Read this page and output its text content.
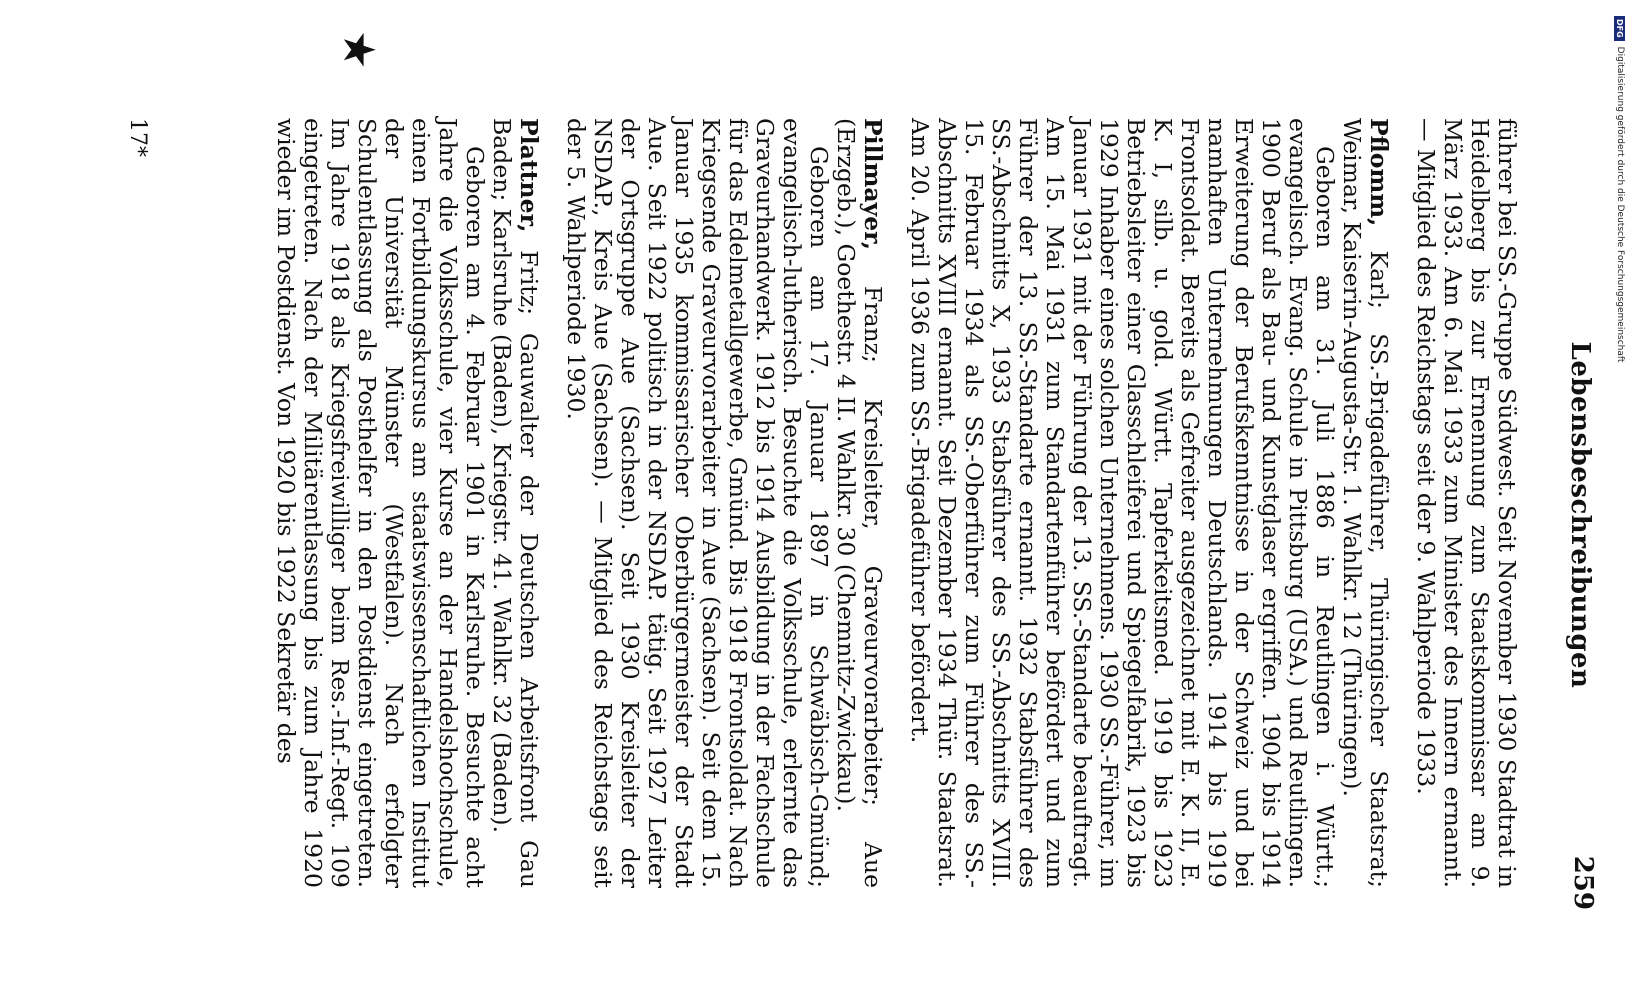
Lebensbeschreibungen
259
★

führer bei SS.-Gruppe Südwest. Seit November 1930 Stadtrat in Heidelberg bis zur Ernennung zum Staatskommissar am 9. März 1933. Am 6. Mai 1933 zum Minister des Innern ernannt. — Mitglied des Reichstags seit der 9. Wahlperiode 1933.

Pflomm, Karl; SS.-Brigadeführer, Thüringischer Staatsrat; Weimar, Kaiserin-Augusta-Str. 1. Wahlkr. 12 (Thüringen).

Geboren am 31. Juli 1886 in Reutlingen i. Württ.; evangelisch. Evang. Schule in Pittsburg (USA.) und Reutlingen. 1900 Beruf als Bau- und Kunstglaser ergriffen. 1904 bis 1914 Erweiterung der Berufskenntnisse in der Schweiz und bei namhaften Unternehmungen Deutschlands. 1914 bis 1919 Frontsoldat. Bereits als Gefreiter ausgezeichnet mit E. K. II, E. K. I, silb. u. gold. Württ. Tapferkeitsmed. 1919 bis 1923 Betriebsleiter einer Glasschleiferei und Spiegelfabrik, 1923 bis 1929 Inhaber eines solchen Unternehmens. 1930 SS.-Führer, im Januar 1931 mit der Führung der 13. SS.-Standarte beauftragt. Am 15. Mai 1931 zum Standartenführer befördert und zum Führer der 13. SS.-Standarte ernannt. 1932 Stabsführer des SS.-Abschnitts X, 1933 Stabsführer des SS.-Abschnitts XVIII. 15. Februar 1934 als SS.-Oberführer zum Führer des SS.-Abschnitts XVIII ernannt. Seit Dezember 1934 Thür. Staatsrat. Am 20. April 1936 zum SS.-Brigadeführer befördert.

Pillmayer, Franz; Kreisleiter, Graveurvorarbeiter; Aue (Erzgeb.), Goethestr. 4 II. Wahlkr. 30 (Chemnitz-Zwickau).

Geboren am 17. Januar 1897 in Schwäbisch-Gmünd; evangelisch-lutherisch. Besuchte die Volksschule, erlernte das Graveurhandwerk. 1912 bis 1914 Ausbildung in der Fachschule für das Edelmetallgewerbe, Gmünd. Bis 1918 Frontsoldat. Nach Kriegsende Graveurvorarbeiter in Aue (Sachsen). Seit dem 15. Januar 1935 kommissarischer Oberbürgermeister der Stadt Aue. Seit 1922 politisch in der NSDAP. tätig. Seit 1927 Leiter der Ortsgruppe Aue (Sachsen). Seit 1930 Kreisleiter der NSDAP., Kreis Aue (Sachsen). — Mitglied des Reichstags seit der 5. Wahlperiode 1930.

Plattner, Fritz; Gauwalter der Deutschen Arbeitsfront Gau Baden; Karlsruhe (Baden), Kriegstr. 41. Wahlkr. 32 (Baden).

Geboren am 4. Februar 1901 in Karlsruhe. Besuchte acht Jahre die Volksschule, vier Kurse an der Handelshochschule, einen Fortbildungskursus am staatswissenschaftlichen Institut der Universität Münster (Westfalen). Nach erfolgter Schulentlassung als Posthelfer in den Postdienst eingetreten. Im Jahre 1918 als Kriegsfreiwilliger beim Res.-Inf.-Regt. 109 eingetreten. Nach der Militärentlassung bis zum Jahre 1920 wieder im Postdienst. Von 1920 bis 1922 Sekretär des

17*
DFG
Digitalisierung gefördert durch die Deutsche Forschungsgemeinschaft
